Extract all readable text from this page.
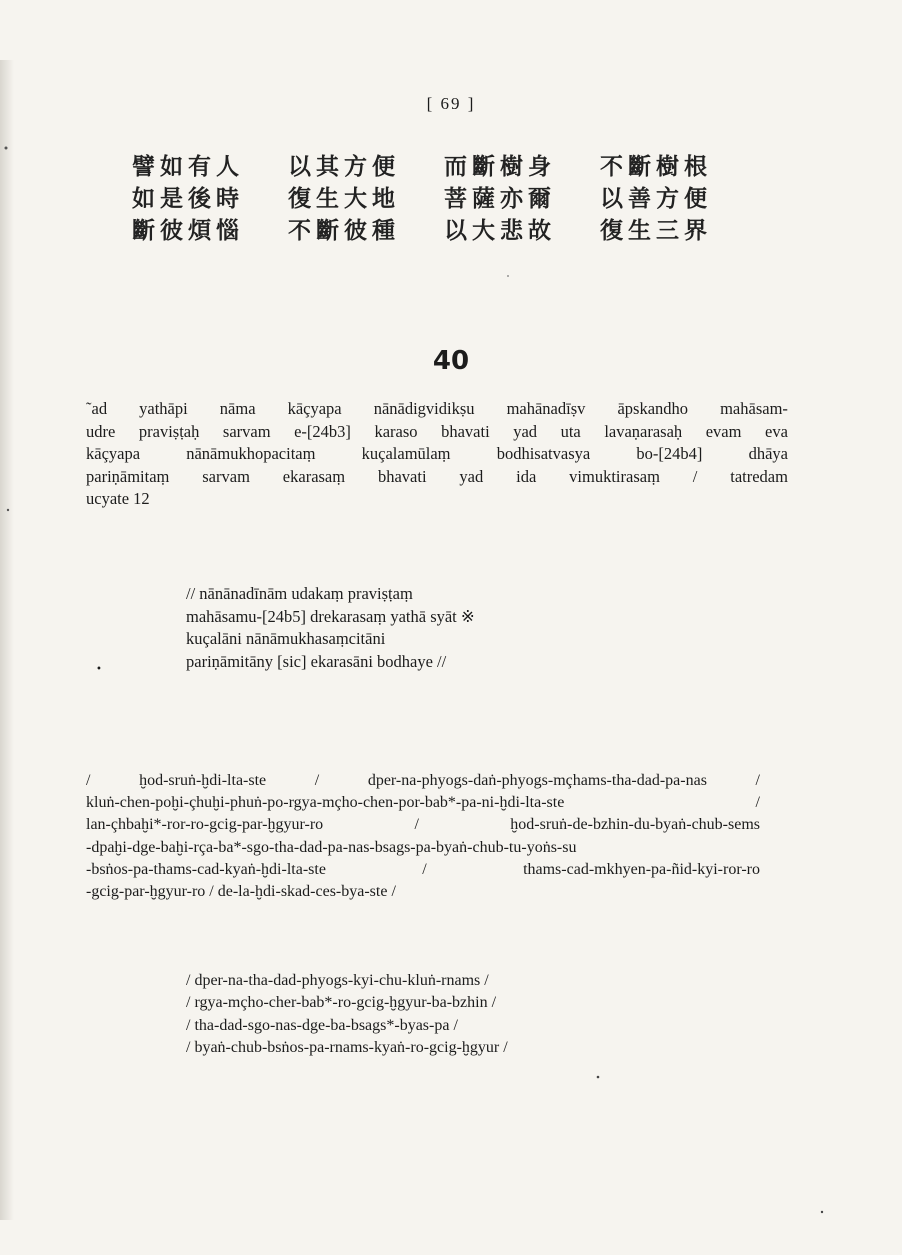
[ 69 ]
譬如有人	以其方便	而斷樹身	不斷樹根
如是後時	復生大地	菩薩亦爾	以善方便
斷彼煩惱	不斷彼種	以大悲故	復生三界
40
˜ad yathāpi nāma kāçyapa nānādigvidikṣu mahānadīṣv āpskandho mahāsam-
udre praviṣṭaḥ sarvam e-[24b3] karaso bhavati yad uta lavaṇarasaḥ evam eva
kāçyapa	nānāmukhopacitaṃ	kuçalamūlaṃ	bodhisatvasya	bo-[24b4]	dhāya
pariṇāmitaṃ sarvam ekarasaṃ bhavati yad ida vimuktirasaṃ / tatredam
ucyate 12
// nānānadīnām udakaṃ praviṣṭaṃ
mahāsamu-[24b5] drekarasaṃ yathā syāt ※
kuçalāni nānāmukhasaṃcitāni
pariṇāmitāny [sic] ekarasāni bodhaye //
•
/	ḫod-sruṅ-ḫdi-lta-ste	/	dper-na-phyogs-daṅ-phyogs-mçhams-tha-dad-pa-nas	/
kluṅ-chen-poḫi-çhuḫi-phuṅ-po-rgya-mçho-chen-por-bab*-pa-ni-ḫdi-lta-ste	/
lan-çhbaḫi*-ror-ro-gcig-par-ḫgyur-ro	/	ḫod-sruṅ-de-bzhin-du-byaṅ-chub-sems
-dpaḫi-dge-baḫi-rça-ba*-sgo-tha-dad-pa-nas-bsags-pa-byaṅ-chub-tu-yoṅs-su
-bsṅos-pa-thams-cad-kyaṅ-ḫdi-lta-ste	/	thams-cad-mkhyen-pa-ñid-kyi-ror-ro
-gcig-par-ḫgyur-ro / de-la-ḫdi-skad-ces-bya-ste /
/ dper-na-tha-dad-phyogs-kyi-chu-kluṅ-rnams /
/ rgya-mçho-cher-bab*-ro-gcig-ḫgyur-ba-bzhin /
/ tha-dad-sgo-nas-dge-ba-bsags*-byas-pa /
/ byaṅ-chub-bsṅos-pa-rnams-kyaṅ-ro-gcig-ḫgyur /
